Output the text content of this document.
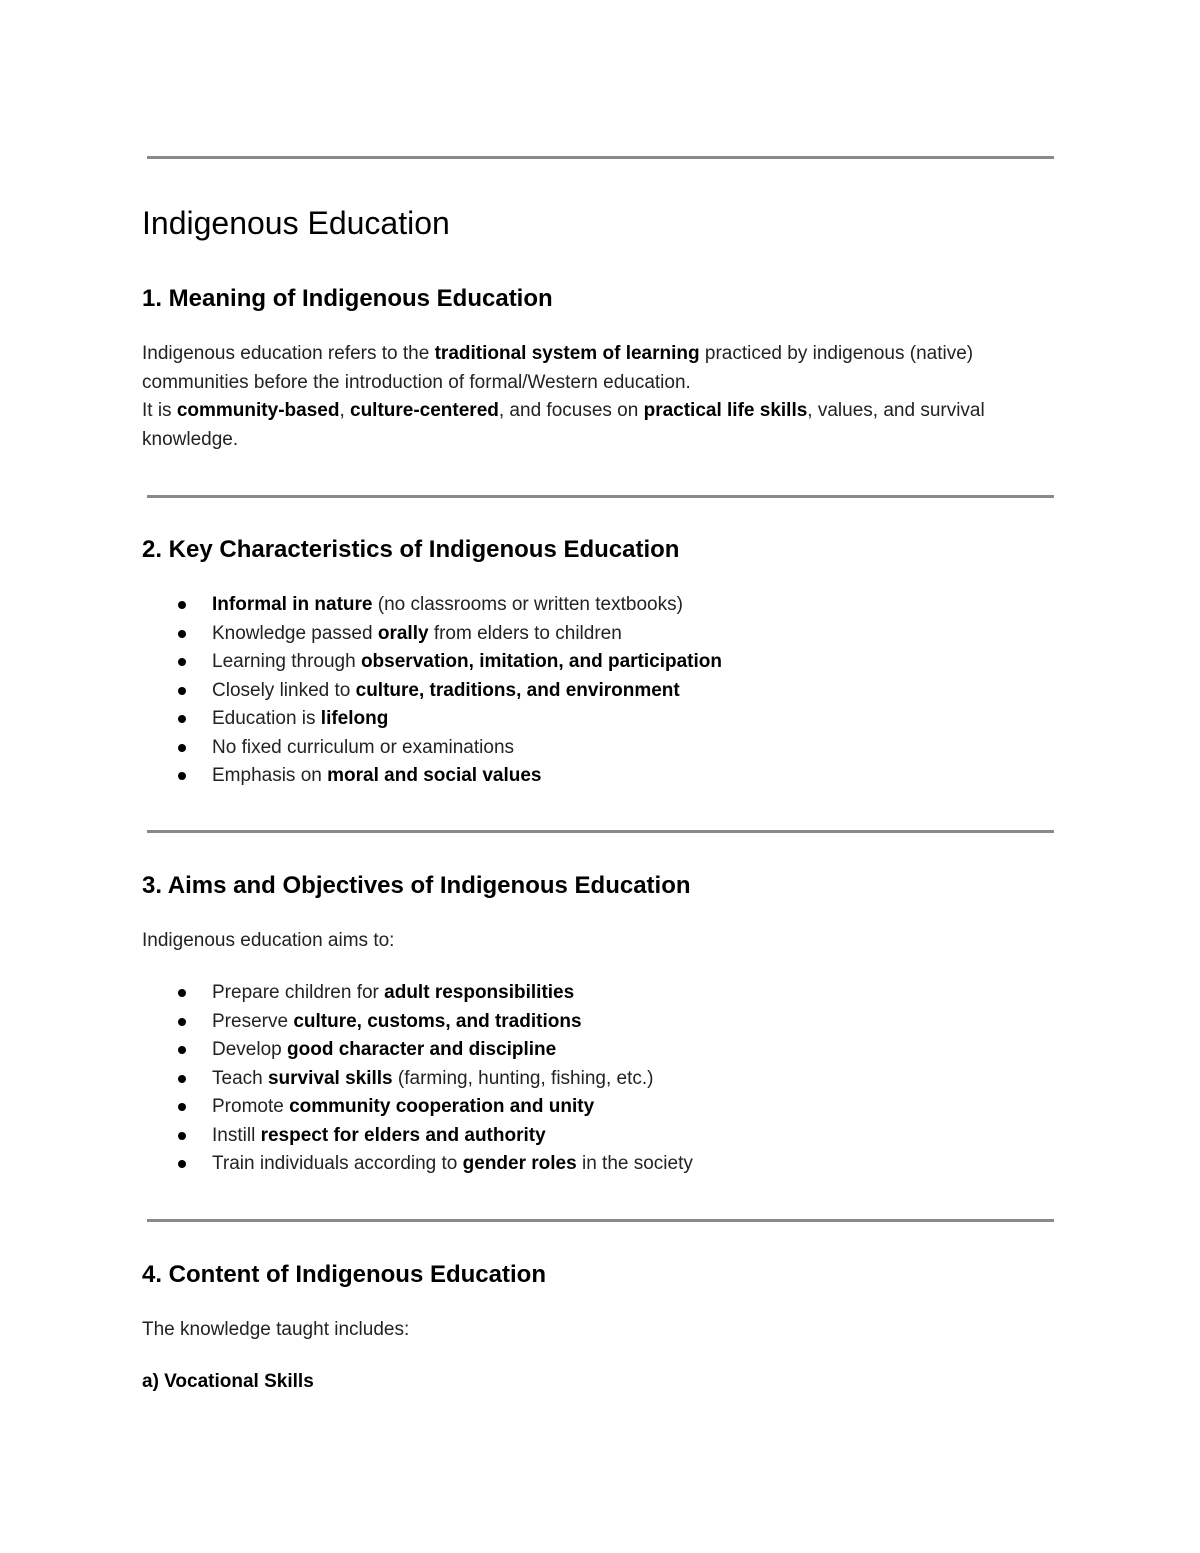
Indigenous Education
1. Meaning of Indigenous Education

Indigenous education refers to the traditional system of learning practiced by indigenous (native) communities before the introduction of formal/Western education.
It is community-based, culture-centered, and focuses on practical life skills, values, and survival knowledge.

2. Key Characteristics of Indigenous Education
Informal in nature (no classrooms or written textbooks)
Knowledge passed orally from elders to children
Learning through observation, imitation, and participation
Closely linked to culture, traditions, and environment
Education is lifelong
No fixed curriculum or examinations
Emphasis on moral and social values
3. Aims and Objectives of Indigenous Education

Indigenous education aims to:

Prepare children for adult responsibilities
Preserve culture, customs, and traditions
Develop good character and discipline
Teach survival skills (farming, hunting, fishing, etc.)
Promote community cooperation and unity
Instill respect for elders and authority
Train individuals according to gender roles in the society
4. Content of Indigenous Education

The knowledge taught includes:

a) Vocational Skills
